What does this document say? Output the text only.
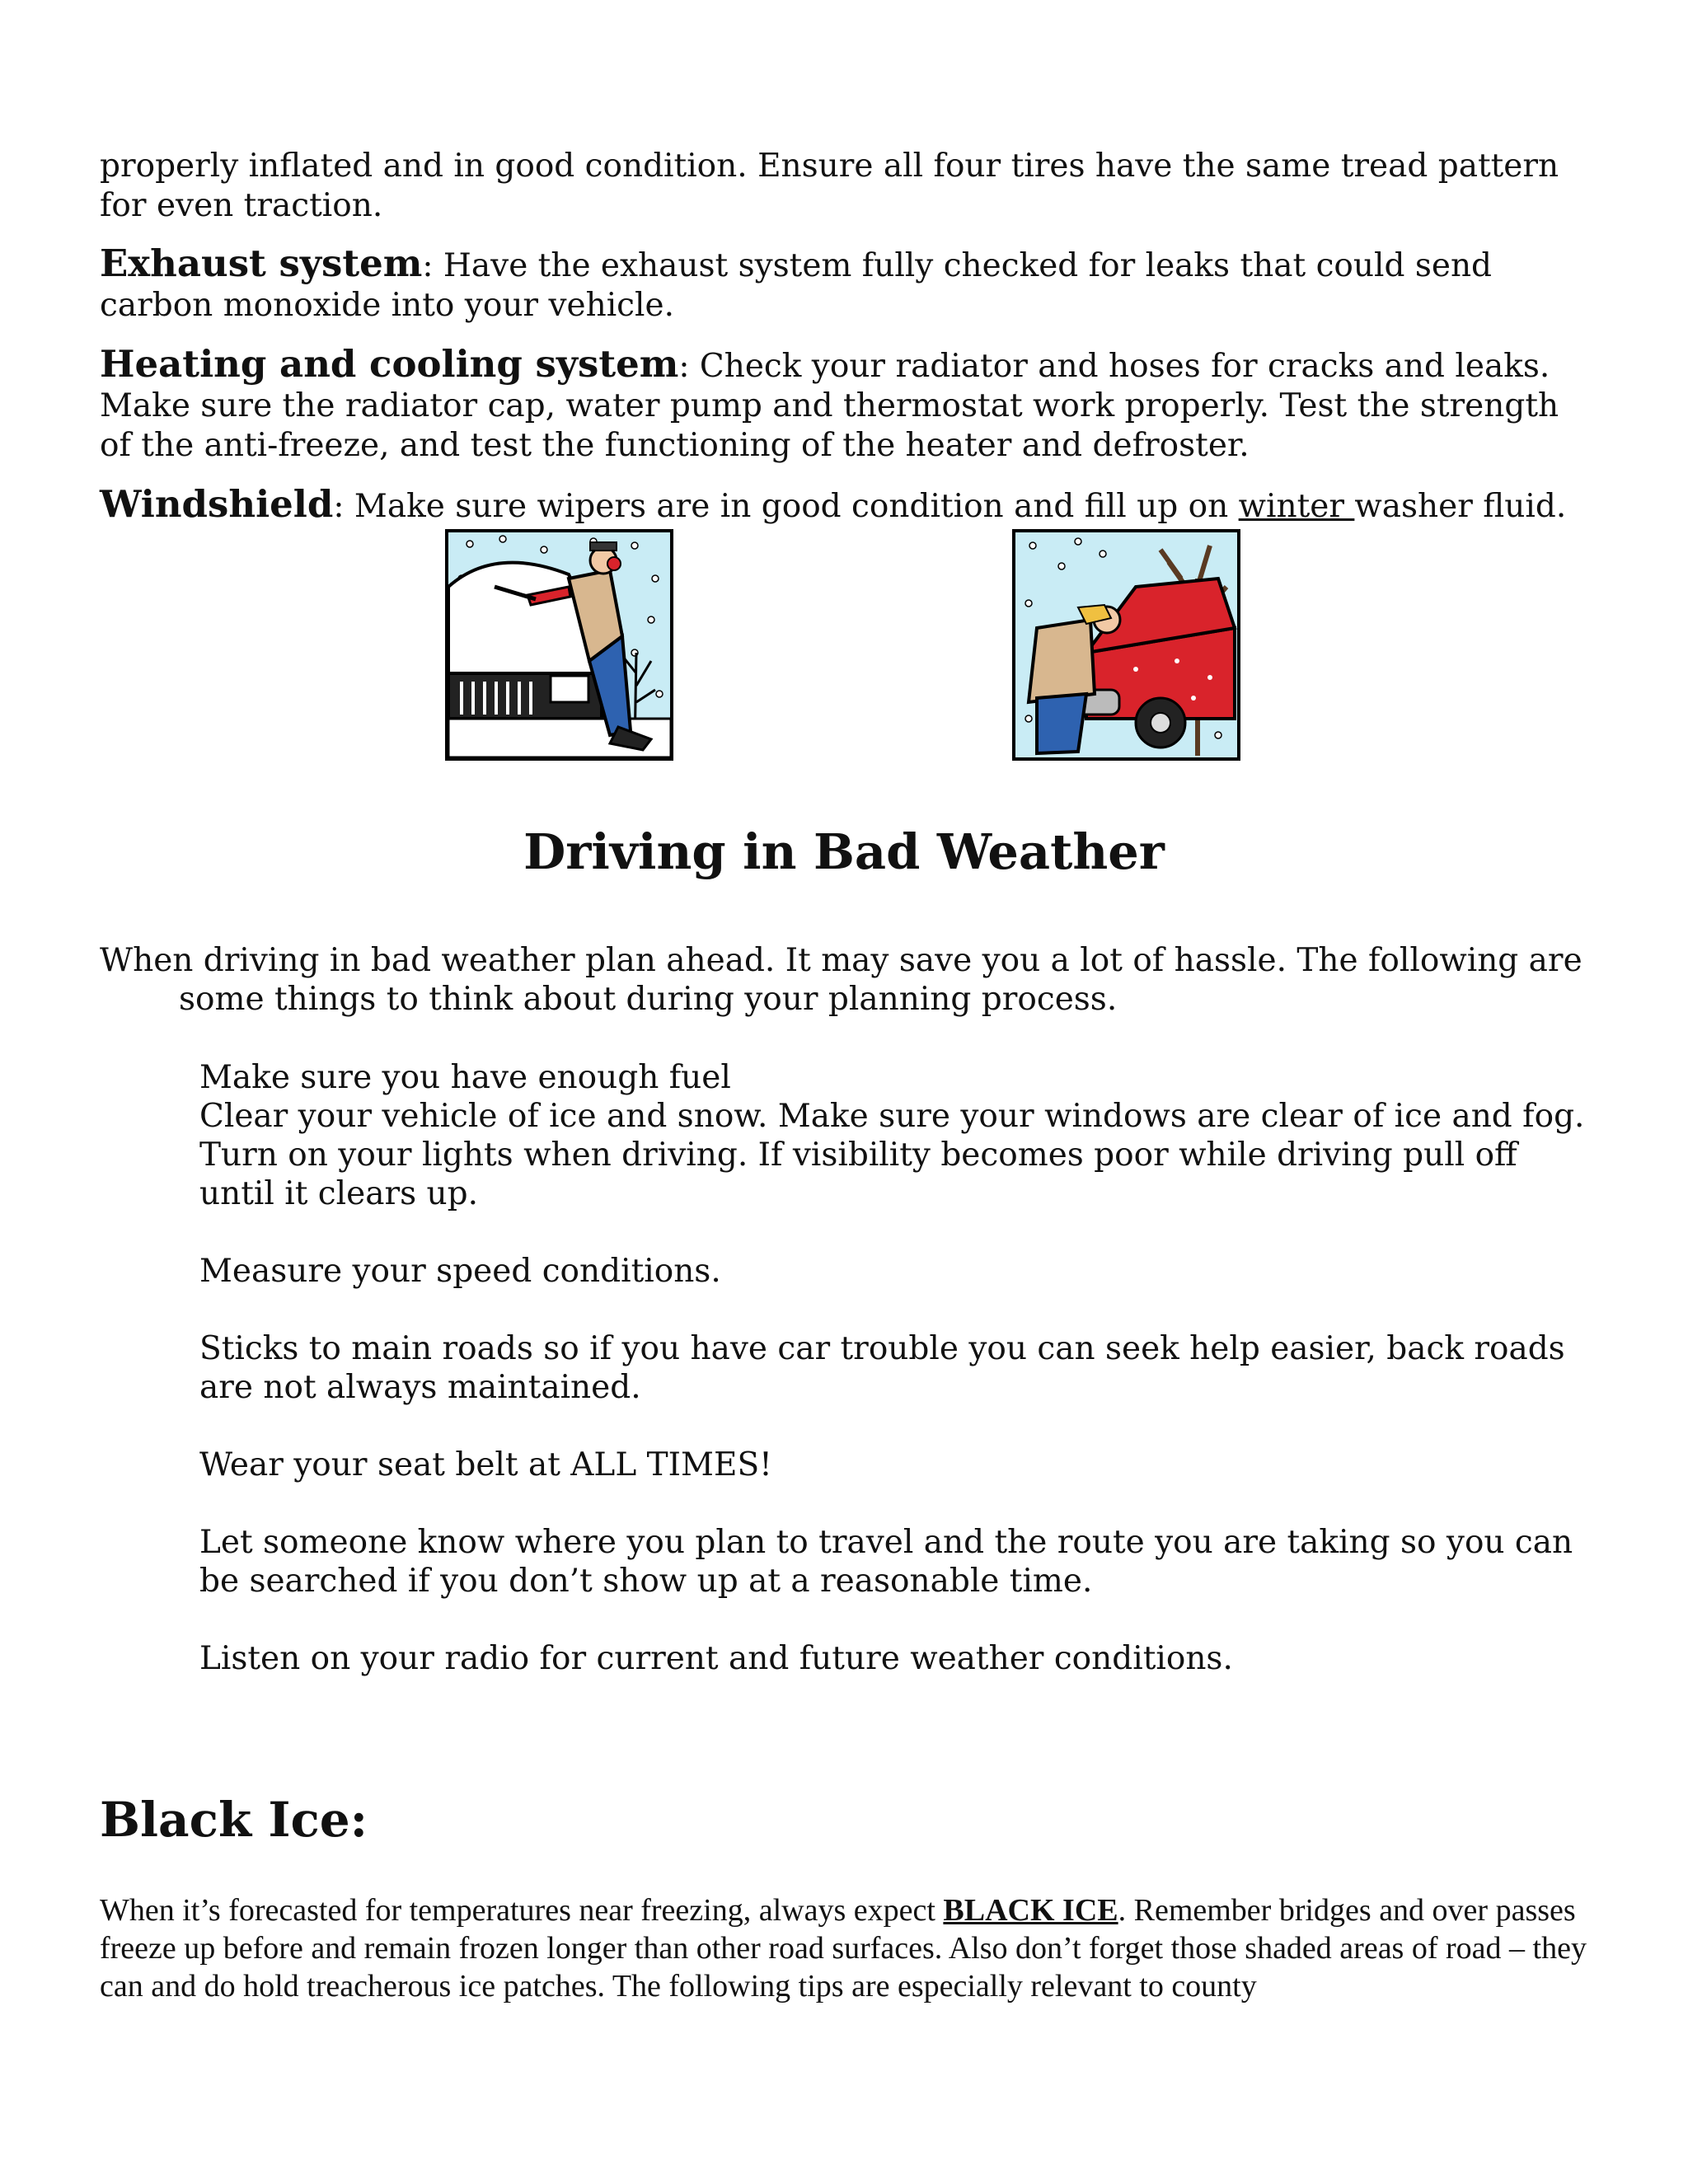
properly inflated and in good condition. Ensure all four tires have the same tread pattern for even traction.

Exhaust system: Have the exhaust system fully checked for leaks that could send carbon monoxide into your vehicle.

Heating and cooling system: Check your radiator and hoses for cracks and leaks. Make sure the radiator cap, water pump and thermostat work properly. Test the strength of the anti-freeze, and test the functioning of the heater and defroster.

Windshield: Make sure wipers are in good condition and fill up on winter washer fluid.

Driving in Bad Weather

When driving in bad weather plan ahead. It may save you a lot of hassle. The following are
some things to think about during your planning process.

Make sure you have enough fuel
Clear your vehicle of ice and snow. Make sure your windows are clear of ice and fog. Turn on your lights when driving. If visibility becomes poor while driving pull off until it clears up.
Measure your speed conditions.
Sticks to main roads so if you have car trouble you can seek help easier, back roads are not always maintained.
Wear your seat belt at ALL TIMES!
Let someone know where you plan to travel and the route you are taking so you can be searched if you don’t show up at a reasonable time.
Listen on your radio for current and future weather conditions.
Black Ice:

When it’s forecasted for temperatures near freezing, always expect BLACK ICE. Remember bridges and over passes freeze up before and remain frozen longer than other road surfaces. Also don’t forget those shaded areas of road – they can and do hold treacherous ice patches. The following tips are especially relevant to county
